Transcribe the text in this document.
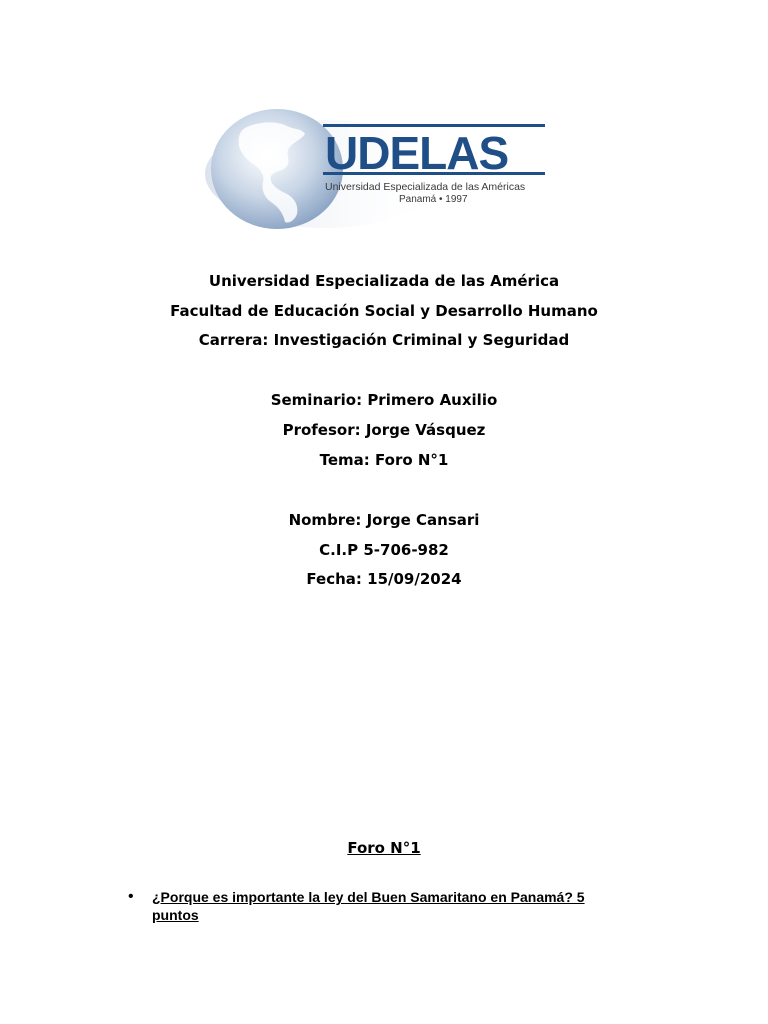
UDELAS
Universidad Especializada de las Américas
Panamá • 1997
Universidad Especializada de las América
Facultad de Educación Social y Desarrollo Humano
Carrera: Investigación Criminal y Seguridad
Seminario: Primero Auxilio
Profesor: Jorge Vásquez
Tema: Foro N°1
Nombre: Jorge Cansari
C.I.P 5-706-982
Fecha: 15/09/2024
Foro N°1
• ¿Porque es importante la ley del Buen Samaritano en Panamá? 5 puntos
